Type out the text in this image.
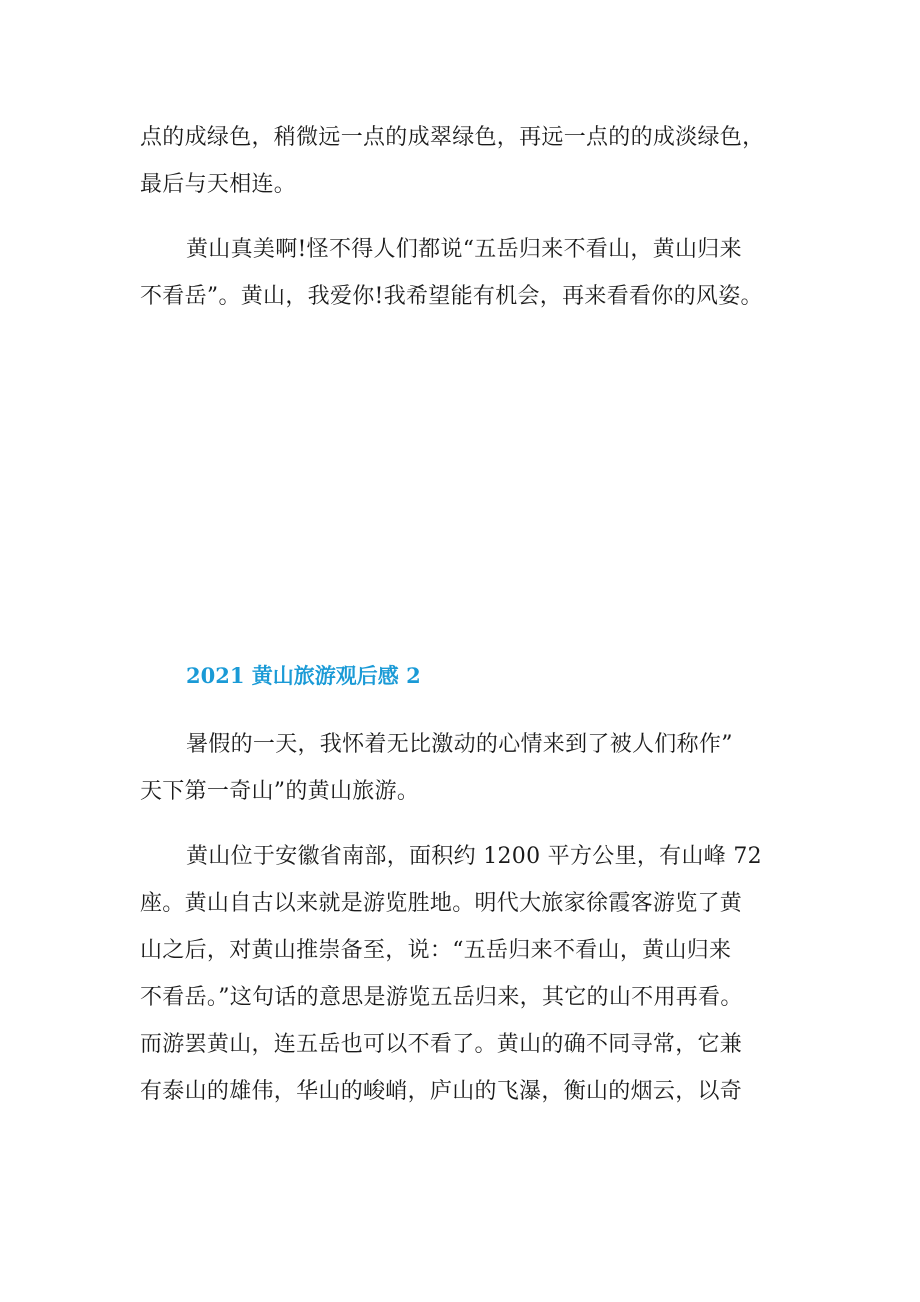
点的成绿色，稍微远一点的成翠绿色，再远一点的的成淡绿色，
最后与天相连。

黄山真美啊!怪不得人们都说“五岳归来不看山，黄山归来
不看岳”。黄山，我爱你!我希望能有机会，再来看看你的风姿。

2021 黄山旅游观后感 2

暑假的一天，我怀着无比激动的心情来到了被人们称作”
天下第一奇山”的黄山旅游。

黄山位于安徽省南部，面积约 1200 平方公里，有山峰 72
座。黄山自古以来就是游览胜地。明代大旅家徐霞客游览了黄
山之后，对黄山推崇备至，说：“五岳归来不看山，黄山归来
不看岳。”这句话的意思是游览五岳归来，其它的山不用再看。
而游罢黄山，连五岳也可以不看了。黄山的确不同寻常，它兼
有泰山的雄伟，华山的峻峭，庐山的飞瀑，衡山的烟云，以奇
